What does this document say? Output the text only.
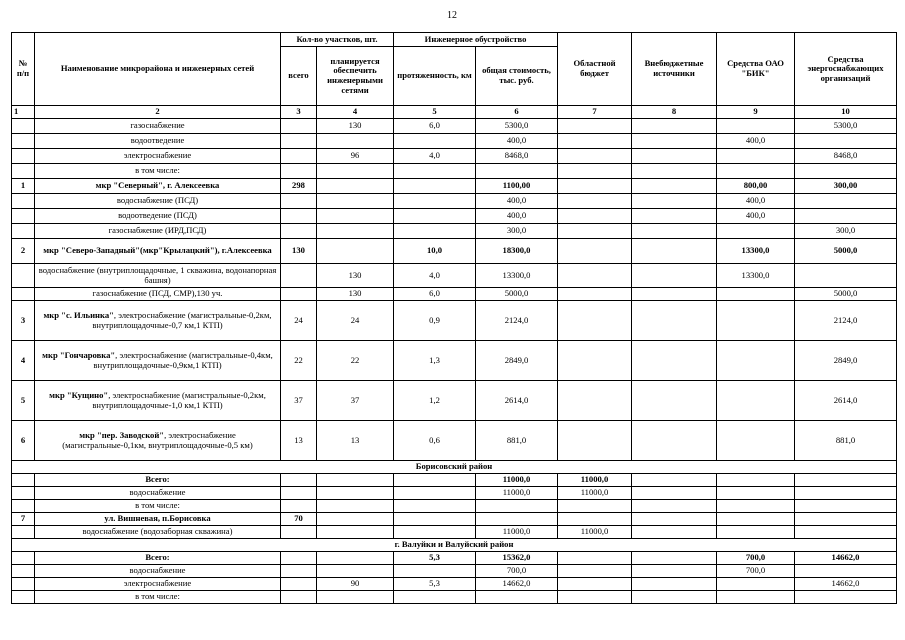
12
№ п/п	Наименование микрорайона и инженерных сетей	Кол-во участков, шт.		Инженерное обустройство		Областной бюджет	Внебюджетные источники	Средства ОАО "БИК"	Средства энергоснабжающих организаций
		всего	планируется обеспечить инженерными сетями	протяженность, км	общая стоимость, тыс. руб.				
1	2	3	4	5	6	7	8	9	10
	газоснабжение		130	6,0	5300,0				5300,0
	водоотведение				400,0			400,0	
	электроснабжение		96	4,0	8468,0				8468,0
	в том числе:								
1	мкр "Северный", г. Алексеевка	298			1100,00			800,00	300,00
	водоснабжение (ПСД)				400,0			400,0	
	водоотведение (ПСД)				400,0			400,0	
	газоснабжение (ИРД,ПСД)				300,0				300,0
2	мкр "Северо-Западный"(мкр"Крылацкий"), г.Алексеевка	130		10,0	18300,0			13300,0	5000,0
	водоснабжение (внутриплощадочные, 1 скважина, водонапорная башня)		130	4,0	13300,0			13300,0	
	газоснабжение (ПСД, СМР),130 уч.		130	6,0	5000,0				5000,0
3	мкр "с. Ильинка", электроснабжение (магистральные-0,2км, внутриплощадочные-0,7 км,1 КТП)	24	24	0,9	2124,0				2124,0
4	мкр "Гончаровка", электроснабжение (магистральные-0,4км, внутриплощадочные-0,9км,1 КТП)	22	22	1,3	2849,0				2849,0
5	мкр "Кущино", электроснабжение (магистральные-0,2км, внутриплощадочные-1,0 км,1 КТП)	37	37	1,2	2614,0				2614,0
6	мкр "пер. Заводской", электроснабжение (магистральные-0,1км, внутриплощадочные-0,5 км)	13	13	0,6	881,0				881,0
Борисовский район									
	Всего:				11000,0	11000,0			
	водоснабжение				11000,0	11000,0			
	в том числе:								
7	ул. Вишневая, п.Борисовка	70							
	водоснабжение (водозаборная скважина)				11000,0	11000,0			
г. Валуйки и Валуйский район									
	Всего:			5,3	15362,0			700,0	14662,0
	водоснабжение				700,0			700,0	
	электроснабжение		90	5,3	14662,0				14662,0
	в том числе:								
